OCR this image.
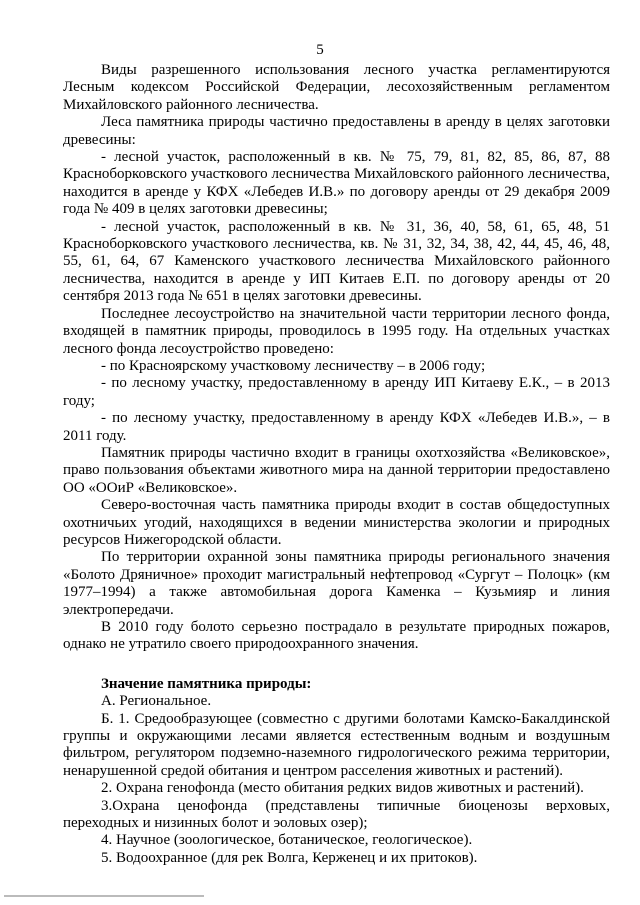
5

Виды разрешенного использования лесного участка регламентируются Лесным кодексом Российской Федерации, лесохозяйственным регламентом Михайловского районного лесничества.

Леса памятника природы частично предоставлены в аренду в целях заготовки древесины:

- лесной участок, расположенный в кв. № 75, 79, 81, 82, 85, 86, 87, 88 Красноборковского участкового лесничества Михайловского районного лесничества, находится в аренде у КФХ «Лебедев И.В.» по договору аренды от 29 декабря 2009 года № 409 в целях заготовки древесины;

- лесной участок, расположенный в кв. № 31, 36, 40, 58, 61, 65, 48, 51 Красноборковского участкового лесничества, кв. № 31, 32, 34, 38, 42, 44, 45, 46, 48, 55, 61, 64, 67 Каменского участкового лесничества Михайловского районного лесничества, находится в аренде у ИП Китаев Е.П. по договору аренды от 20 сентября 2013 года № 651 в целях заготовки древесины.

Последнее лесоустройство на значительной части территории лесного фонда, входящей в памятник природы, проводилось в 1995 году. На отдельных участках лесного фонда лесоустройство проведено:

- по Красноярскому участковому лесничеству – в 2006 году;

- по лесному участку, предоставленному в аренду ИП Китаеву Е.К., – в 2013 году;

- по лесному участку, предоставленному в аренду КФХ «Лебедев И.В.», – в 2011 году.

Памятник природы частично входит в границы охотхозяйства «Великовское», право пользования объектами животного мира на данной территории предоставлено ОО «ООиР «Великовское».

Северо-восточная часть памятника природы входит в состав общедоступных охотничьих угодий, находящихся в ведении министерства экологии и природных ресурсов Нижегородской области.

По территории охранной зоны памятника природы регионального значения «Болото Дряничное» проходит магистральный нефтепровод «Сургут – Полоцк» (км 1977–1994) а также автомобильная дорога Каменка – Кузьмияр и линия электропередачи.

В 2010 году болото серьезно пострадало в результате природных пожаров, однако не утратило своего природоохранного значения.

Значение памятника природы:

А. Региональное.

Б. 1. Средообразующее (совместно с другими болотами Камско-Бакалдинской группы и окружающими лесами является естественным водным и воздушным фильтром, регулятором подземно-наземного гидрологического режима территории, ненарушенной средой обитания и центром расселения животных и растений).

2. Охрана генофонда (место обитания редких видов животных и растений).

3.Охрана ценофонда (представлены типичные биоценозы верховых, переходных и низинных болот и эоловых озер);

4. Научное (зоологическое, ботаническое, геологическое).

5. Водоохранное (для рек Волга, Керженец и их притоков).
